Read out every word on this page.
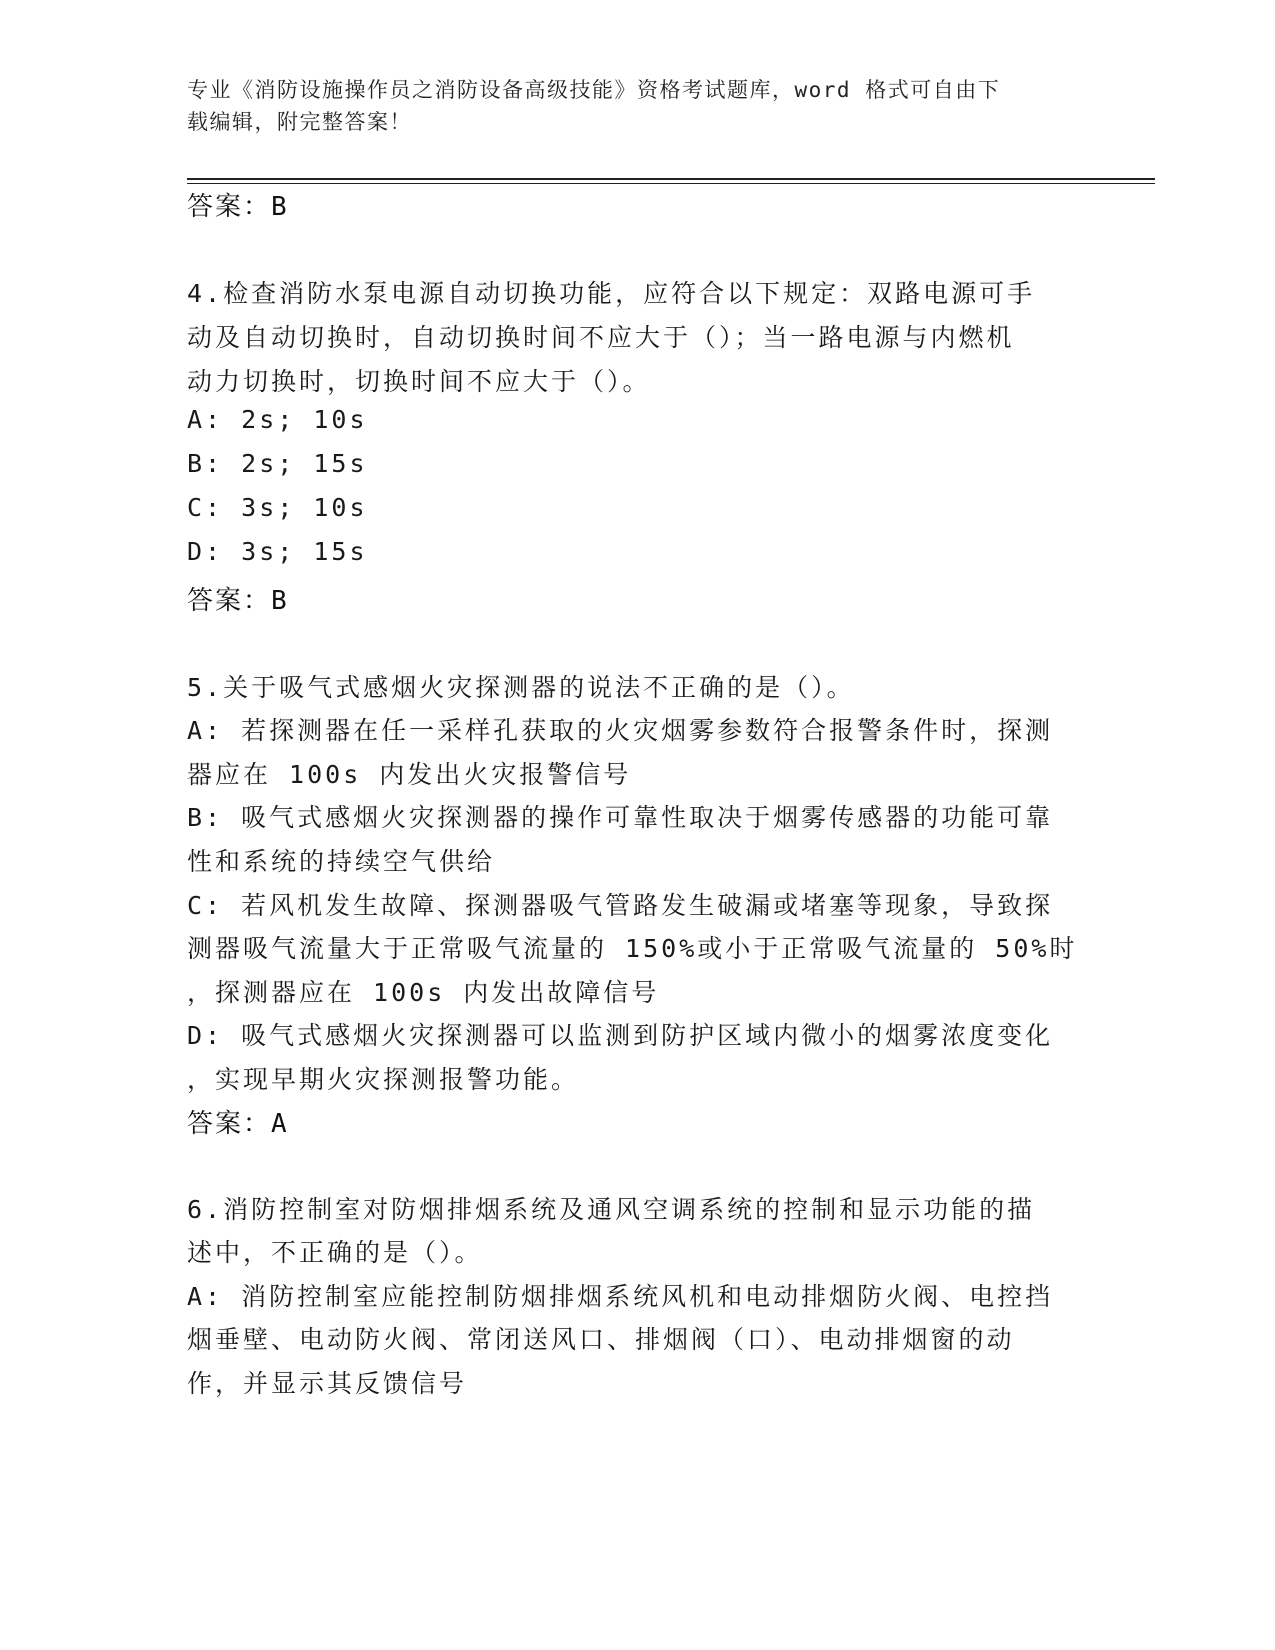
专业《消防设施操作员之消防设备高级技能》资格考试题库，word 格式可自由下
载编辑，附完整答案！
答案：B
4.检查消防水泵电源自动切换功能，应符合以下规定：双路电源可手
动及自动切换时，自动切换时间不应大于（）；当一路电源与内燃机
动力切换时，切换时间不应大于（）。
A: 2s; 10s
B: 2s; 15s
C: 3s; 10s
D: 3s; 15s
答案：B
5.关于吸气式感烟火灾探测器的说法不正确的是（）。
A: 若探测器在任一采样孔获取的火灾烟雾参数符合报警条件时，探测
器应在 100s 内发出火灾报警信号
B: 吸气式感烟火灾探测器的操作可靠性取决于烟雾传感器的功能可靠
性和系统的持续空气供给
C: 若风机发生故障、探测器吸气管路发生破漏或堵塞等现象，导致探
测器吸气流量大于正常吸气流量的 150%或小于正常吸气流量的 50%时
，探测器应在 100s 内发出故障信号
D: 吸气式感烟火灾探测器可以监测到防护区域内微小的烟雾浓度变化
，实现早期火灾探测报警功能。
答案：A
6.消防控制室对防烟排烟系统及通风空调系统的控制和显示功能的描
述中，不正确的是（）。
A: 消防控制室应能控制防烟排烟系统风机和电动排烟防火阀、电控挡
烟垂壁、电动防火阀、常闭送风口、排烟阀（口）、电动排烟窗的动
作，并显示其反馈信号
